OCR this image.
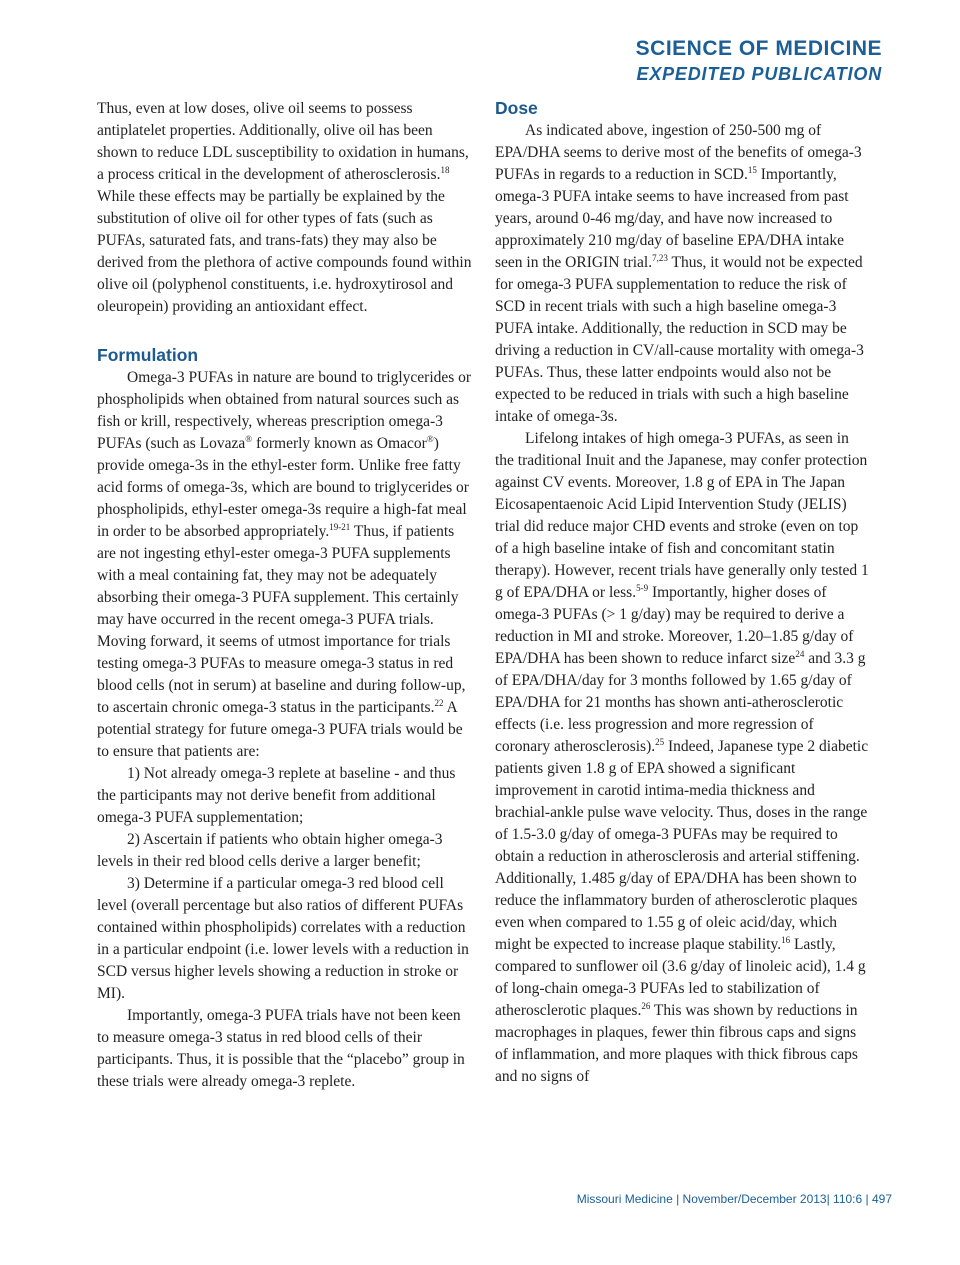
SCIENCE OF MEDICINE
EXPEDITED PUBLICATION

Thus, even at low doses, olive oil seems to possess antiplatelet properties. Additionally, olive oil has been shown to reduce LDL susceptibility to oxidation in humans, a process critical in the development of atherosclerosis.$^{18}$ While these effects may be partially be explained by the substitution of olive oil for other types of fats (such as PUFAs, saturated fats, and trans-fats) they may also be derived from the plethora of active compounds found within olive oil (polyphenol constituents, i.e. hydroxytirosol and oleuropein) providing an antioxidant effect.

Formulation

Omega-3 PUFAs in nature are bound to triglycerides or phospholipids when obtained from natural sources such as fish or krill, respectively, whereas prescription omega-3 PUFAs (such as Lovaza® formerly known as Omacor®) provide omega-3s in the ethyl-ester form. Unlike free fatty acid forms of omega-3s, which are bound to triglycerides or phospholipids, ethyl-ester omega-3s require a high-fat meal in order to be absorbed appropriately.$^{19-21}$ Thus, if patients are not ingesting ethyl-ester omega-3 PUFA supplements with a meal containing fat, they may not be adequately absorbing their omega-3 PUFA supplement. This certainly may have occurred in the recent omega-3 PUFA trials. Moving forward, it seems of utmost importance for trials testing omega-3 PUFAs to measure omega-3 status in red blood cells (not in serum) at baseline and during follow-up, to ascertain chronic omega-3 status in the participants.$^{22}$ A potential strategy for future omega-3 PUFA trials would be to ensure that patients are:

1) Not already omega-3 replete at baseline - and thus the participants may not derive benefit from additional omega-3 PUFA supplementation;

2) Ascertain if patients who obtain higher omega-3 levels in their red blood cells derive a larger benefit;

3) Determine if a particular omega-3 red blood cell level (overall percentage but also ratios of different PUFAs contained within phospholipids) correlates with a reduction in a particular endpoint (i.e. lower levels with a reduction in SCD versus higher levels showing a reduction in stroke or MI).

Importantly, omega-3 PUFA trials have not been keen to measure omega-3 status in red blood cells of their participants. Thus, it is possible that the “placebo” group in these trials were already omega-3 replete.

Dose

As indicated above, ingestion of 250-500 mg of EPA/DHA seems to derive most of the benefits of omega-3 PUFAs in regards to a reduction in SCD.$^{15}$ Importantly, omega-3 PUFA intake seems to have increased from past years, around 0-46 mg/day, and have now increased to approximately 210 mg/day of baseline EPA/DHA intake seen in the ORIGIN trial.$^{7,23}$ Thus, it would not be expected for omega-3 PUFA supplementation to reduce the risk of SCD in recent trials with such a high baseline omega-3 PUFA intake. Additionally, the reduction in SCD may be driving a reduction in CV/all-cause mortality with omega-3 PUFAs. Thus, these latter endpoints would also not be expected to be reduced in trials with such a high baseline intake of omega-3s.

Lifelong intakes of high omega-3 PUFAs, as seen in the traditional Inuit and the Japanese, may confer protection against CV events. Moreover, 1.8 g of EPA in The Japan Eicosapentaenoic Acid Lipid Intervention Study (JELIS) trial did reduce major CHD events and stroke (even on top of a high baseline intake of fish and concomitant statin therapy). However, recent trials have generally only tested 1 g of EPA/DHA or less.$^{5-9}$ Importantly, higher doses of omega-3 PUFAs (> 1 g/day) may be required to derive a reduction in MI and stroke. Moreover, 1.20–1.85 g/day of EPA/DHA has been shown to reduce infarct size$^{24}$ and 3.3 g of EPA/DHA/day for 3 months followed by 1.65 g/day of EPA/DHA for 21 months has shown anti-atherosclerotic effects (i.e. less progression and more regression of coronary atherosclerosis).$^{25}$ Indeed, Japanese type 2 diabetic patients given 1.8 g of EPA showed a significant improvement in carotid intima-media thickness and brachial-ankle pulse wave velocity. Thus, doses in the range of 1.5-3.0 g/day of omega-3 PUFAs may be required to obtain a reduction in atherosclerosis and arterial stiffening. Additionally, 1.485 g/day of EPA/DHA has been shown to reduce the inflammatory burden of atherosclerotic plaques even when compared to 1.55 g of oleic acid/day, which might be expected to increase plaque stability.$^{16}$ Lastly, compared to sunflower oil (3.6 g/day of linoleic acid), 1.4 g of long-chain omega-3 PUFAs led to stabilization of atherosclerotic plaques.$^{26}$ This was shown by reductions in macrophages in plaques, fewer thin fibrous caps and signs of inflammation, and more plaques with thick fibrous caps and no signs of

Missouri Medicine | November/December 2013| 110:6 | 497
